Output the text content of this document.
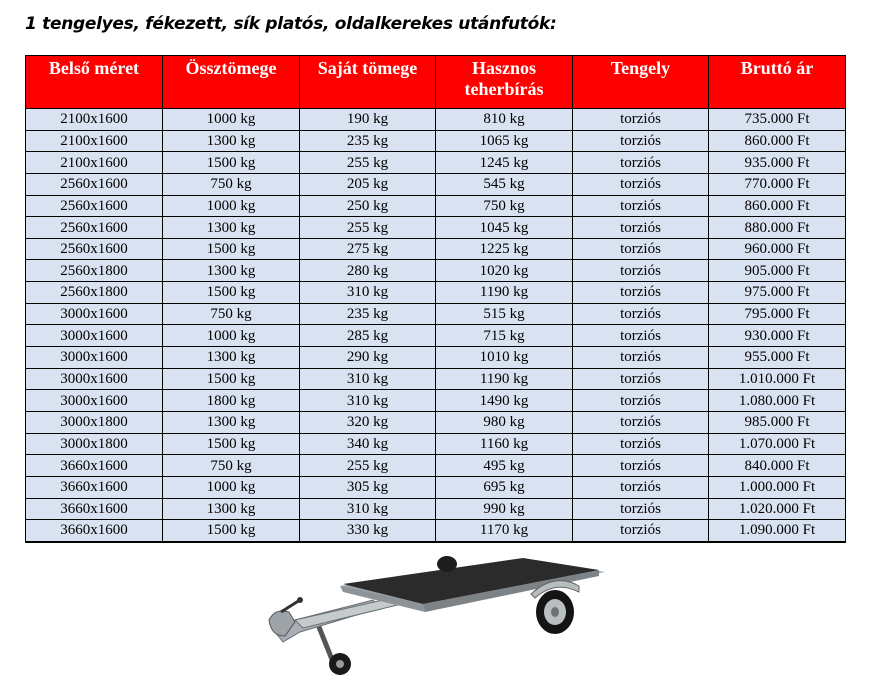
1 tengelyes, fékezett, sík platós, oldalkerekes utánfutók:
Belső méret	Össztömege	Saját tömege	Hasznos teherbírás	Tengely	Bruttó ár
2100x1600	1000 kg	190 kg	810 kg	torziós	735.000 Ft
2100x1600	1300 kg	235 kg	1065 kg	torziós	860.000 Ft
2100x1600	1500 kg	255 kg	1245 kg	torziós	935.000 Ft
2560x1600	750 kg	205 kg	545 kg	torziós	770.000 Ft
2560x1600	1000 kg	250 kg	750 kg	torziós	860.000 Ft
2560x1600	1300 kg	255 kg	1045 kg	torziós	880.000 Ft
2560x1600	1500 kg	275 kg	1225 kg	torziós	960.000 Ft
2560x1800	1300 kg	280 kg	1020 kg	torziós	905.000 Ft
2560x1800	1500 kg	310 kg	1190 kg	torziós	975.000 Ft
3000x1600	750 kg	235 kg	515 kg	torziós	795.000 Ft
3000x1600	1000 kg	285 kg	715 kg	torziós	930.000 Ft
3000x1600	1300 kg	290 kg	1010 kg	torziós	955.000 Ft
3000x1600	1500 kg	310 kg	1190 kg	torziós	1.010.000 Ft
3000x1600	1800 kg	310 kg	1490 kg	torziós	1.080.000 Ft
3000x1800	1300 kg	320 kg	980 kg	torziós	985.000 Ft
3000x1800	1500 kg	340 kg	1160 kg	torziós	1.070.000 Ft
3660x1600	750 kg	255 kg	495 kg	torziós	840.000 Ft
3660x1600	1000 kg	305 kg	695 kg	torziós	1.000.000 Ft
3660x1600	1300 kg	310 kg	990 kg	torziós	1.020.000 Ft
3660x1600	1500 kg	330 kg	1170 kg	torziós	1.090.000 Ft
